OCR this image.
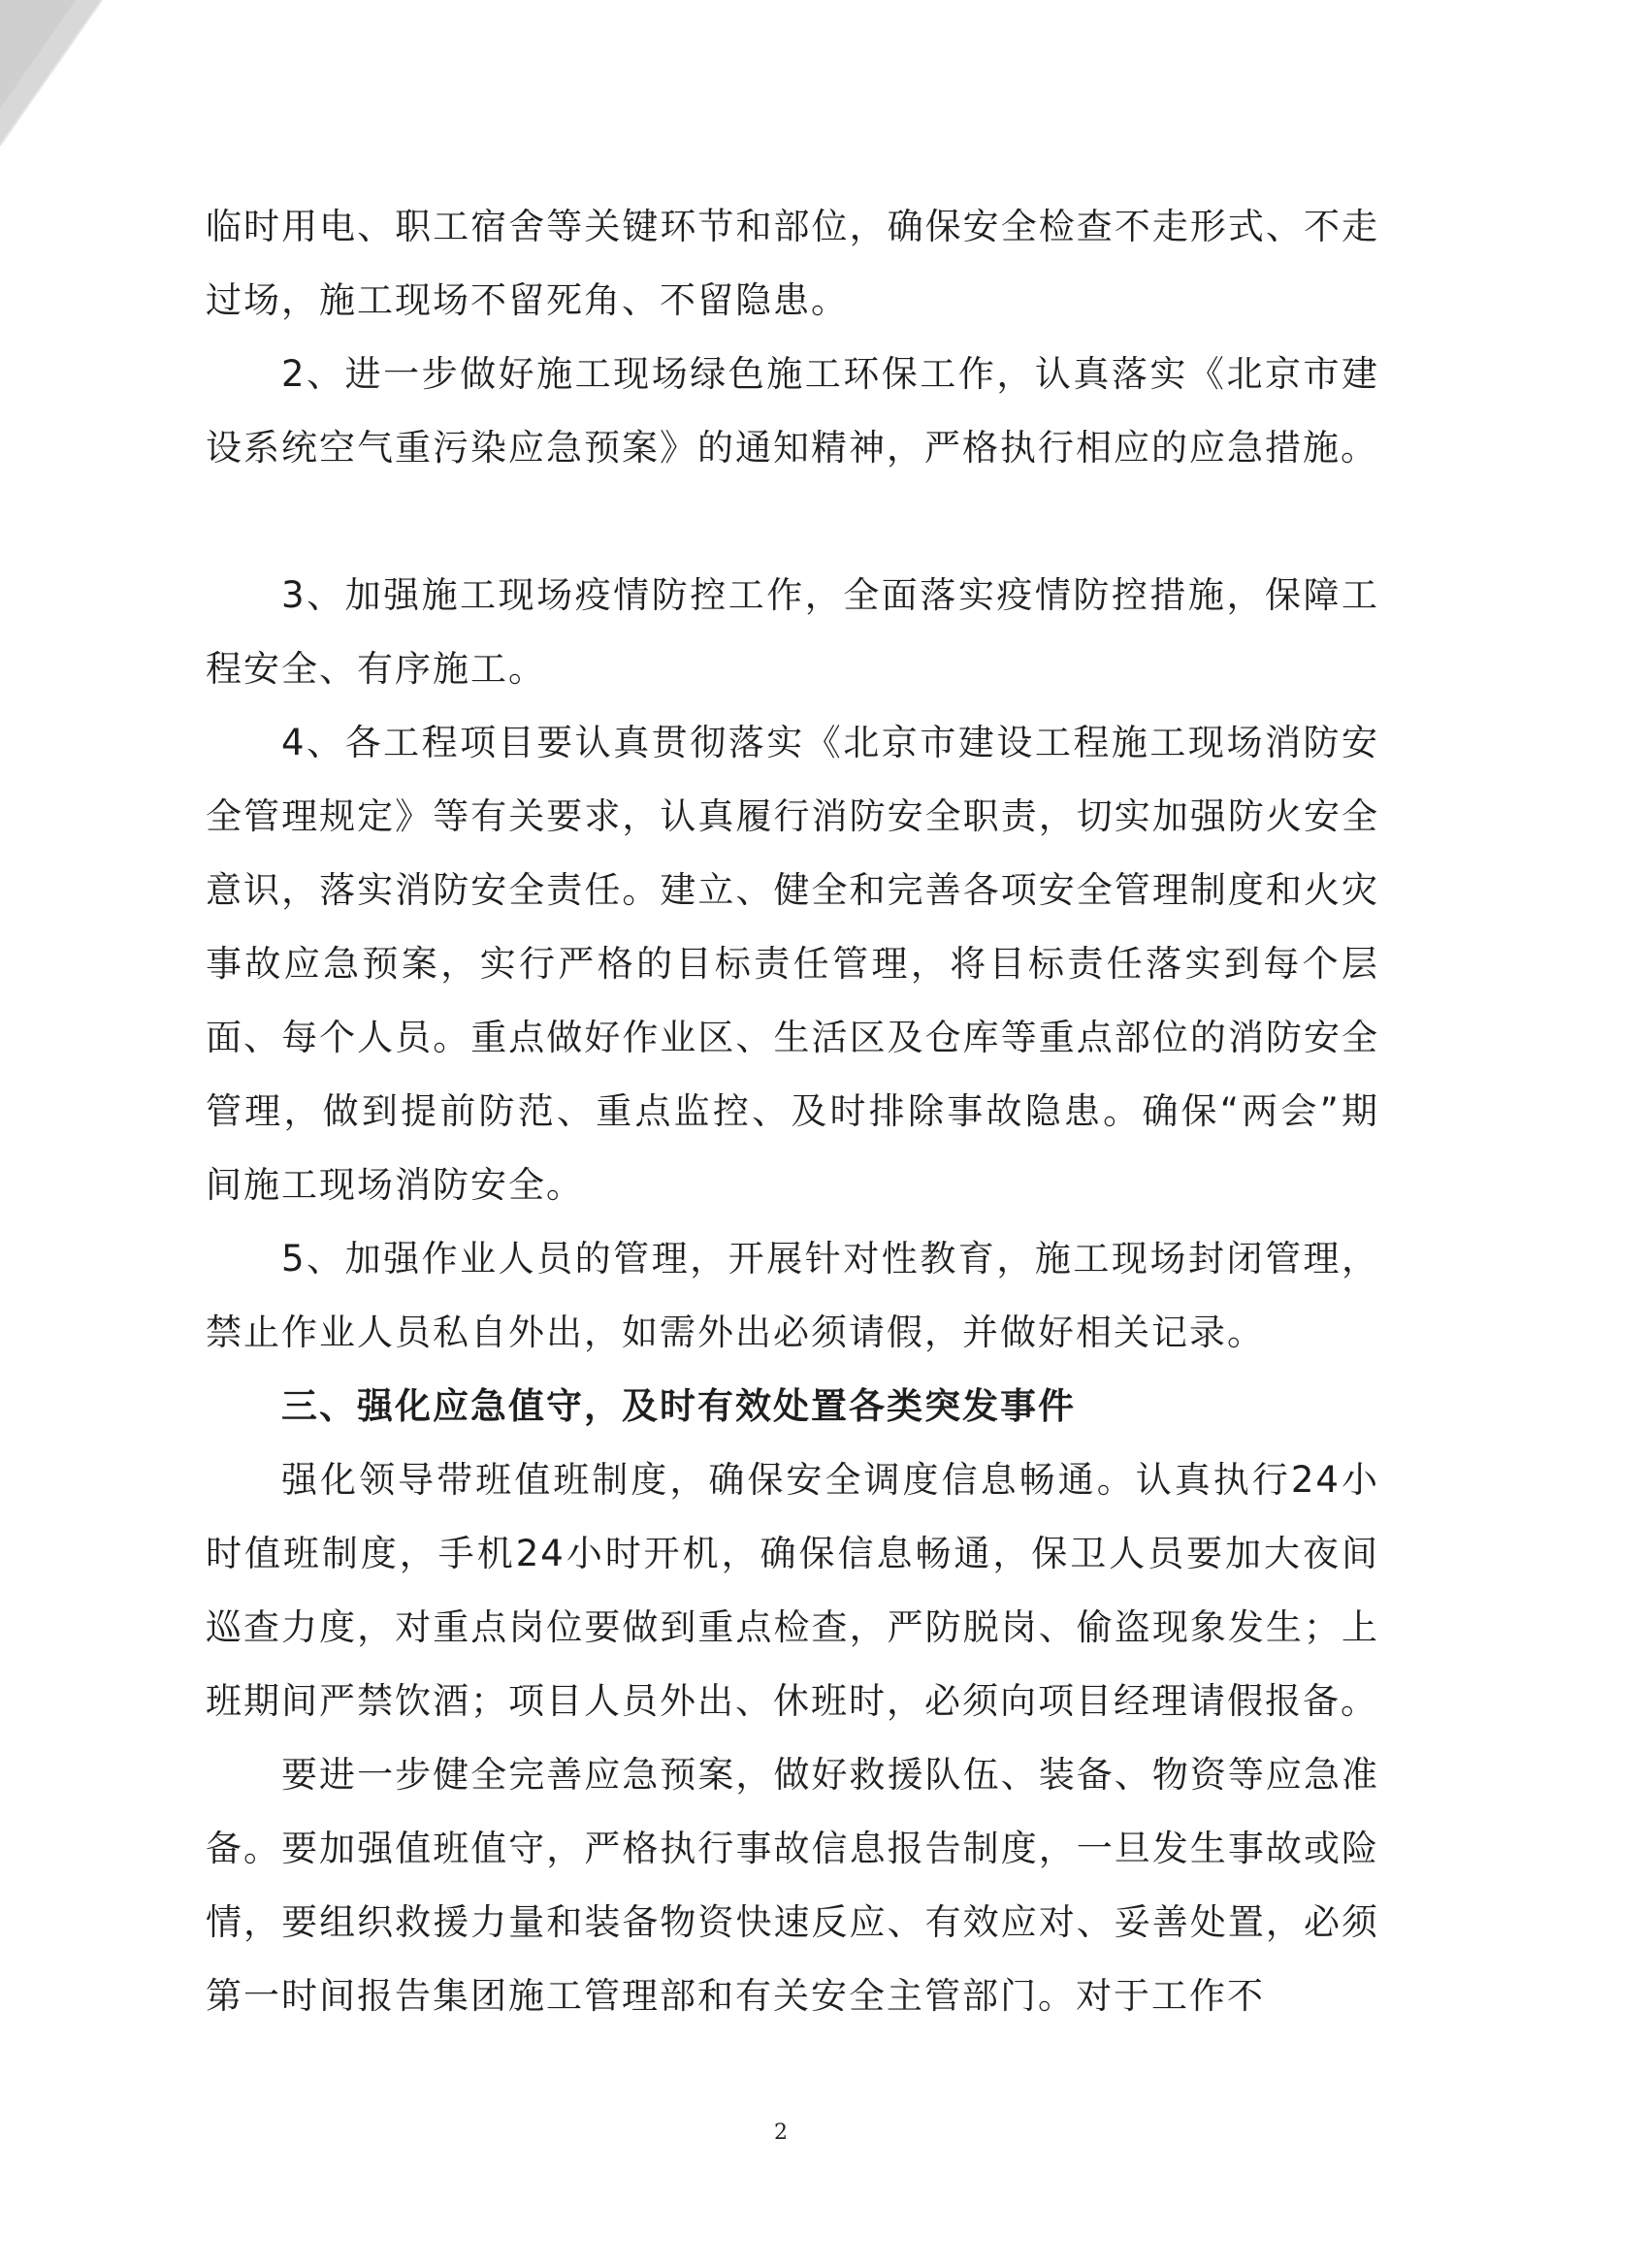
临时用电、职工宿舍等关键环节和部位，确保安全检查不走形式、不走过场，施工现场不留死角、不留隐患。

2、进一步做好施工现场绿色施工环保工作，认真落实《北京市建设系统空气重污染应急预案》的通知精神，严格执行相应的应急措施。

3、加强施工现场疫情防控工作，全面落实疫情防控措施，保障工程安全、有序施工。

4、各工程项目要认真贯彻落实《北京市建设工程施工现场消防安全管理规定》等有关要求，认真履行消防安全职责，切实加强防火安全意识，落实消防安全责任。建立、健全和完善各项安全管理制度和火灾事故应急预案，实行严格的目标责任管理，将目标责任落实到每个层面、每个人员。重点做好作业区、生活区及仓库等重点部位的消防安全管理，做到提前防范、重点监控、及时排除事故隐患。确保“两会”期间施工现场消防安全。

5、加强作业人员的管理，开展针对性教育，施工现场封闭管理，禁止作业人员私自外出，如需外出必须请假，并做好相关记录。

三、强化应急值守，及时有效处置各类突发事件

强化领导带班值班制度，确保安全调度信息畅通。认真执行24小时值班制度，手机24小时开机，确保信息畅通，保卫人员要加大夜间巡查力度，对重点岗位要做到重点检查，严防脱岗、偷盗现象发生；上班期间严禁饮酒；项目人员外出、休班时，必须向项目经理请假报备。

要进一步健全完善应急预案，做好救援队伍、装备、物资等应急准备。要加强值班值守，严格执行事故信息报告制度，一旦发生事故或险情，要组织救援力量和装备物资快速反应、有效应对、妥善处置，必须第一时间报告集团施工管理部和有关安全主管部门。对于工作不

2
